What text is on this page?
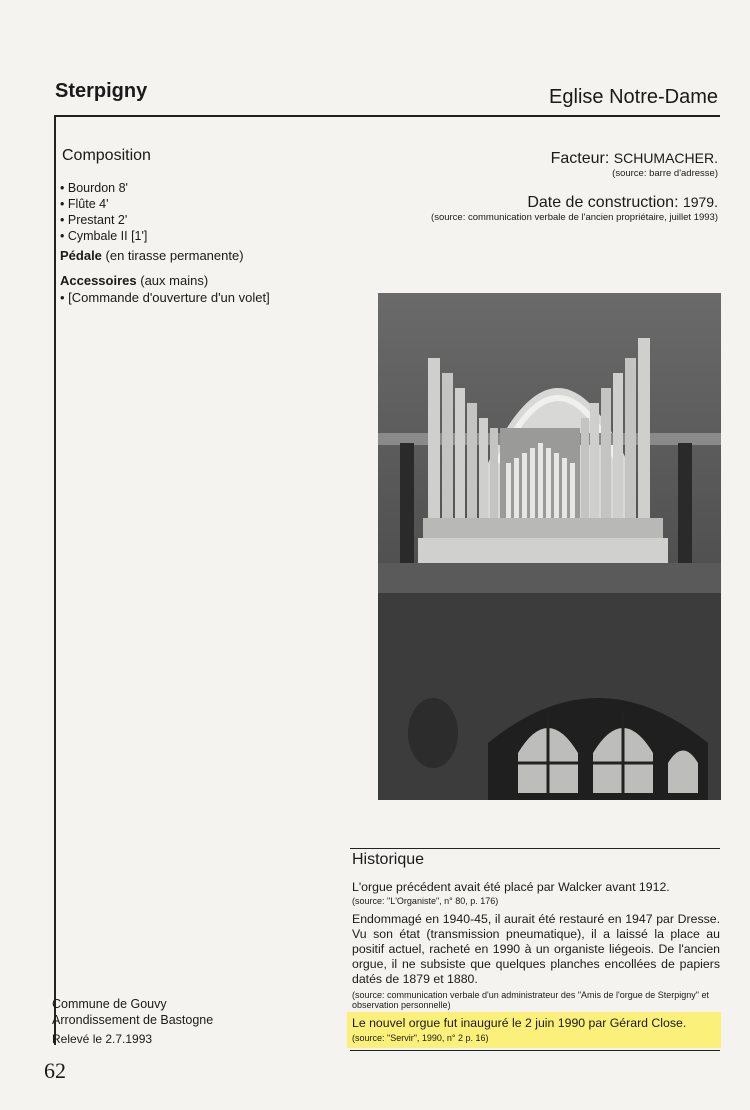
Sterpigny	Eglise Notre-Dame
Composition
• Bourdon 8'
• Flûte 4'
• Prestant 2'
• Cymbale II [1']
Pédale (en tirasse permanente)
Accessoires (aux mains)
• [Commande d'ouverture d'un volet]
Facteur: SCHUMACHER.
(source: barre d'adresse)
Date de construction: 1979.
(source: communication verbale de l'ancien propriétaire, juillet 1993)
Historique
L'orgue précédent avait été placé par Walcker avant 1912.
(source: "L'Organiste", n° 80, p. 176)
Endommagé en 1940-45, il aurait été restauré en 1947 par Dresse. Vu son état (transmission pneumatique), il a laissé la place au positif actuel, racheté en 1990 à un organiste liégeois. De l'ancien orgue, il ne subsiste que quelques planches encollées de papiers datés de 1879 et 1880.
(source: communication verbale d'un administrateur des "Amis de l'orgue de Sterpigny" et observation personnelle)
Le nouvel orgue fut inauguré le 2 juin 1990 par Gérard Close.
(source: "Servir", 1990, n° 2 p. 16)
Commune de Gouvy
Arrondissement de Bastogne
Relevé le 2.7.1993
62
